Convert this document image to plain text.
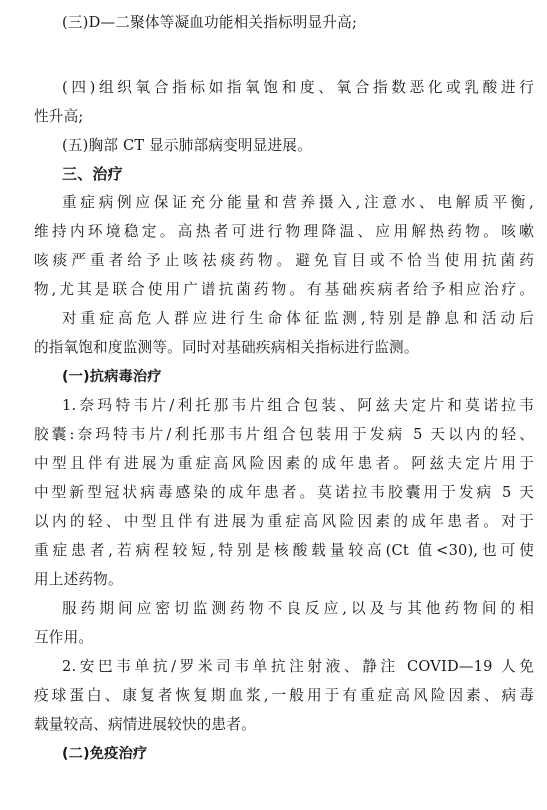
(三)D—二聚体等凝血功能相关指标明显升高;
(四)组织氧合指标如指氧饱和度、氧合指数恶化或乳酸进行
性升高;
(五)胸部 CT 显示肺部病变明显进展。
三、治疗
重症病例应保证充分能量和营养摄入,注意水、电解质平衡,
维持内环境稳定。高热者可进行物理降温、应用解热药物。咳嗽
咳痰严重者给予止咳祛痰药物。避免盲目或不恰当使用抗菌药
物,尤其是联合使用广谱抗菌药物。有基础疾病者给予相应治疗。
对重症高危人群应进行生命体征监测,特别是静息和活动后
的指氧饱和度监测等。同时对基础疾病相关指标进行监测。
(一)抗病毒治疗
1.奈玛特韦片/利托那韦片组合包装、阿兹夫定片和莫诺拉韦
胶囊:奈玛特韦片/利托那韦片组合包装用于发病 5 天以内的轻、
中型且伴有进展为重症高风险因素的成年患者。阿兹夫定片用于
中型新型冠状病毒感染的成年患者。莫诺拉韦胶囊用于发病 5 天
以内的轻、中型且伴有进展为重症高风险因素的成年患者。对于
重症患者,若病程较短,特别是核酸载量较高(Ct 值<30),也可使
用上述药物。
服药期间应密切监测药物不良反应,以及与其他药物间的相
互作用。
2.安巴韦单抗/罗米司韦单抗注射液、静注 COVID—19 人免
疫球蛋白、康复者恢复期血浆,一般用于有重症高风险因素、病毒
载量较高、病情进展较快的患者。
(二)免疫治疗
